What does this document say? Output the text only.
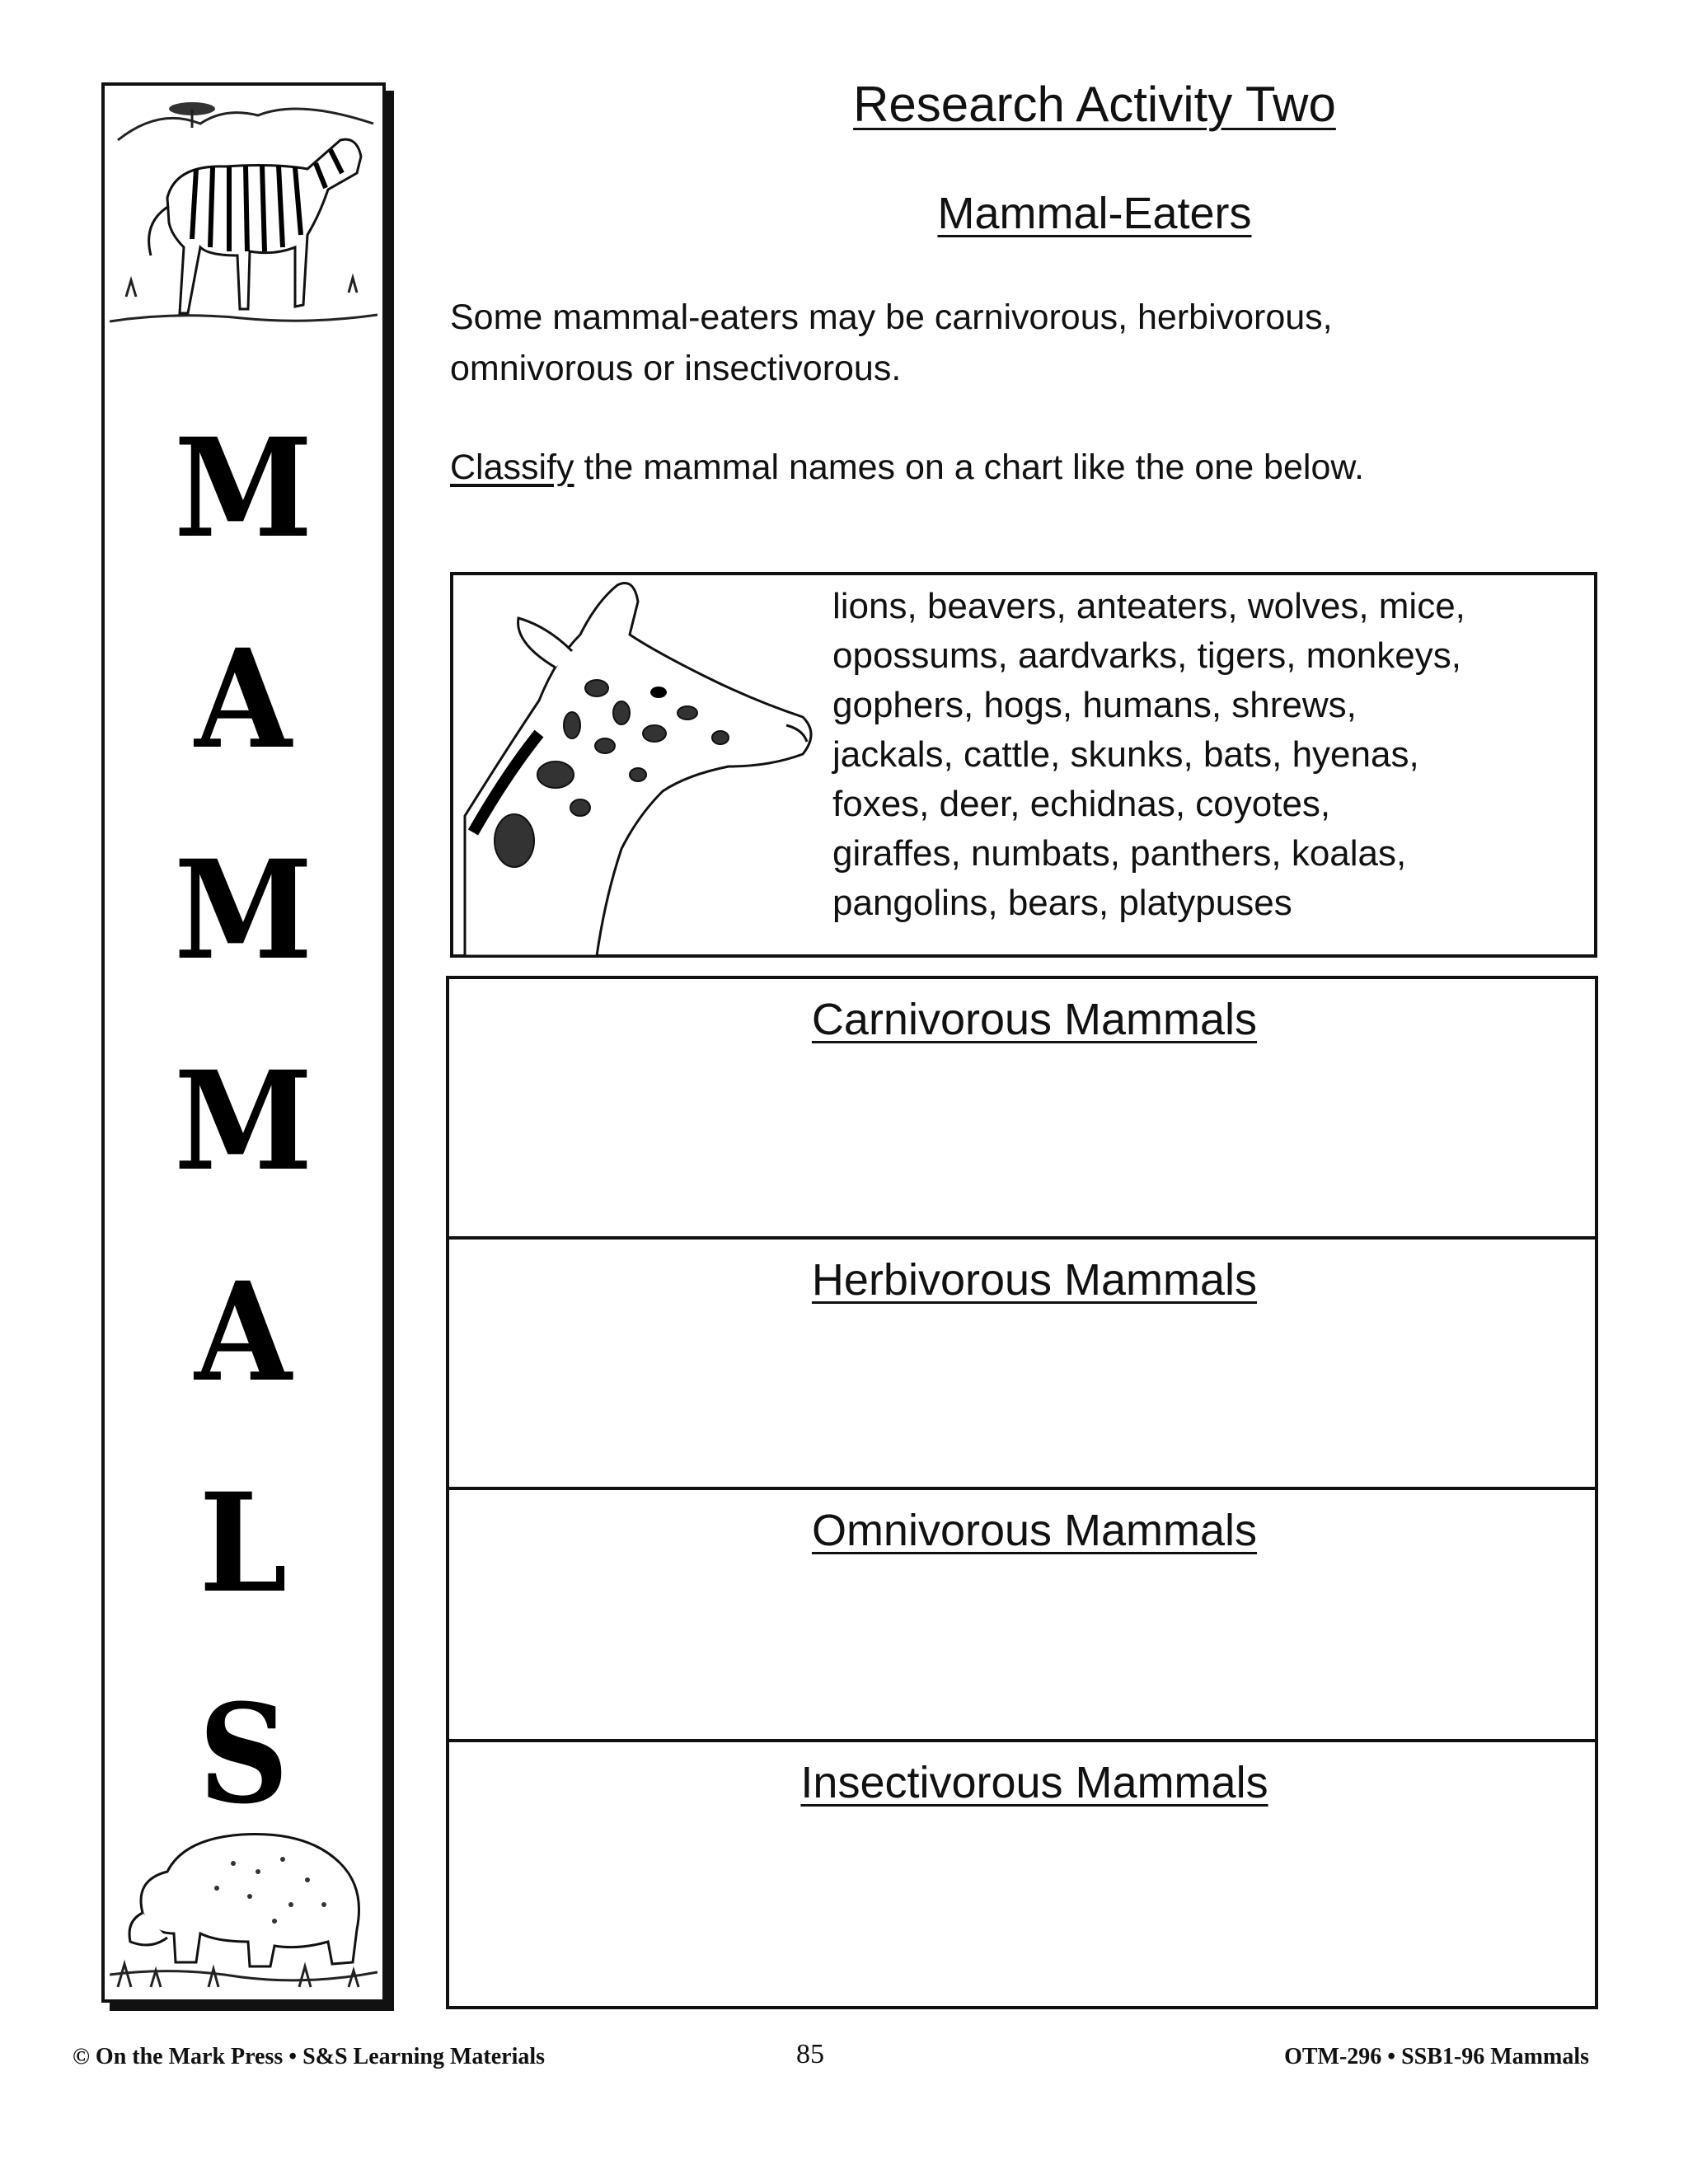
M
A
M
M
A
L
S
Research Activity Two
Mammal-Eaters
Some mammal-eaters may be carnivorous, herbivorous,
omnivorous or insectivorous.
Classify the mammal names on a chart like the one below.
lions, beavers, anteaters, wolves, mice,
opossums, aardvarks, tigers, monkeys,
gophers, hogs, humans, shrews,
jackals, cattle, skunks, bats, hyenas,
foxes, deer, echidnas, coyotes,
giraffes, numbats, panthers, koalas,
pangolins, bears, platypuses
Carnivorous Mammals
Herbivorous Mammals
Omnivorous Mammals
Insectivorous Mammals
© On the Mark Press • S&S Learning Materials	85	OTM-296 • SSB1-96 Mammals
